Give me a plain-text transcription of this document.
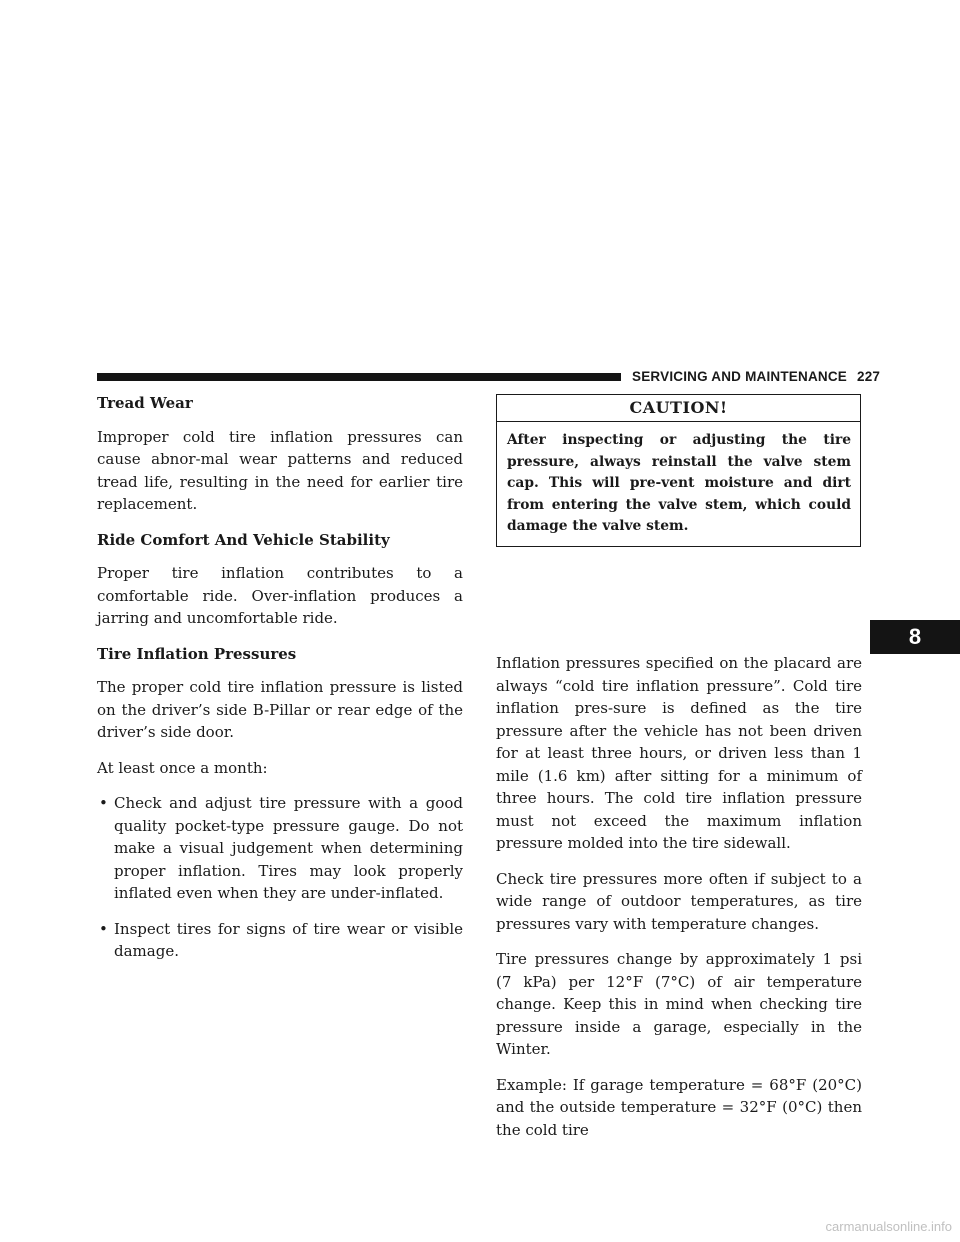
SERVICING AND MAINTENANCE 227

Tread Wear

Improper cold tire inflation pressures can cause abnor-mal wear patterns and reduced tread life, resulting in the need for earlier tire replacement.

Ride Comfort And Vehicle Stability

Proper tire inflation contributes to a comfortable ride. Over-inflation produces a jarring and uncomfortable ride.

Tire Inflation Pressures

The proper cold tire inflation pressure is listed on the driver’s side B-Pillar or rear edge of the driver’s side door.

At least once a month:

• Check and adjust tire pressure with a good quality pocket-type pressure gauge. Do not make a visual judgement when determining proper inflation. Tires may look properly inflated even when they are under-inflated.
• Inspect tires for signs of tire wear or visible damage.
CAUTION!
After inspecting or adjusting the tire pressure, always reinstall the valve stem cap. This will pre-vent moisture and dirt from entering the valve stem, which could damage the valve stem.

Inflation pressures specified on the placard are always “cold tire inflation pressure”. Cold tire inflation pres-sure is defined as the tire pressure after the vehicle has not been driven for at least three hours, or driven less than 1 mile (1.6 km) after sitting for a minimum of three hours. The cold tire inflation pressure must not exceed the maximum inflation pressure molded into the tire sidewall.

Check tire pressures more often if subject to a wide range of outdoor temperatures, as tire pressures vary with temperature changes.

Tire pressures change by approximately 1 psi (7 kPa) per 12°F (7°C) of air temperature change. Keep this in mind when checking tire pressure inside a garage, especially in the Winter.

Example: If garage temperature = 68°F (20°C) and the outside temperature = 32°F (0°C) then the cold tire

8
carmanualsonline.info
